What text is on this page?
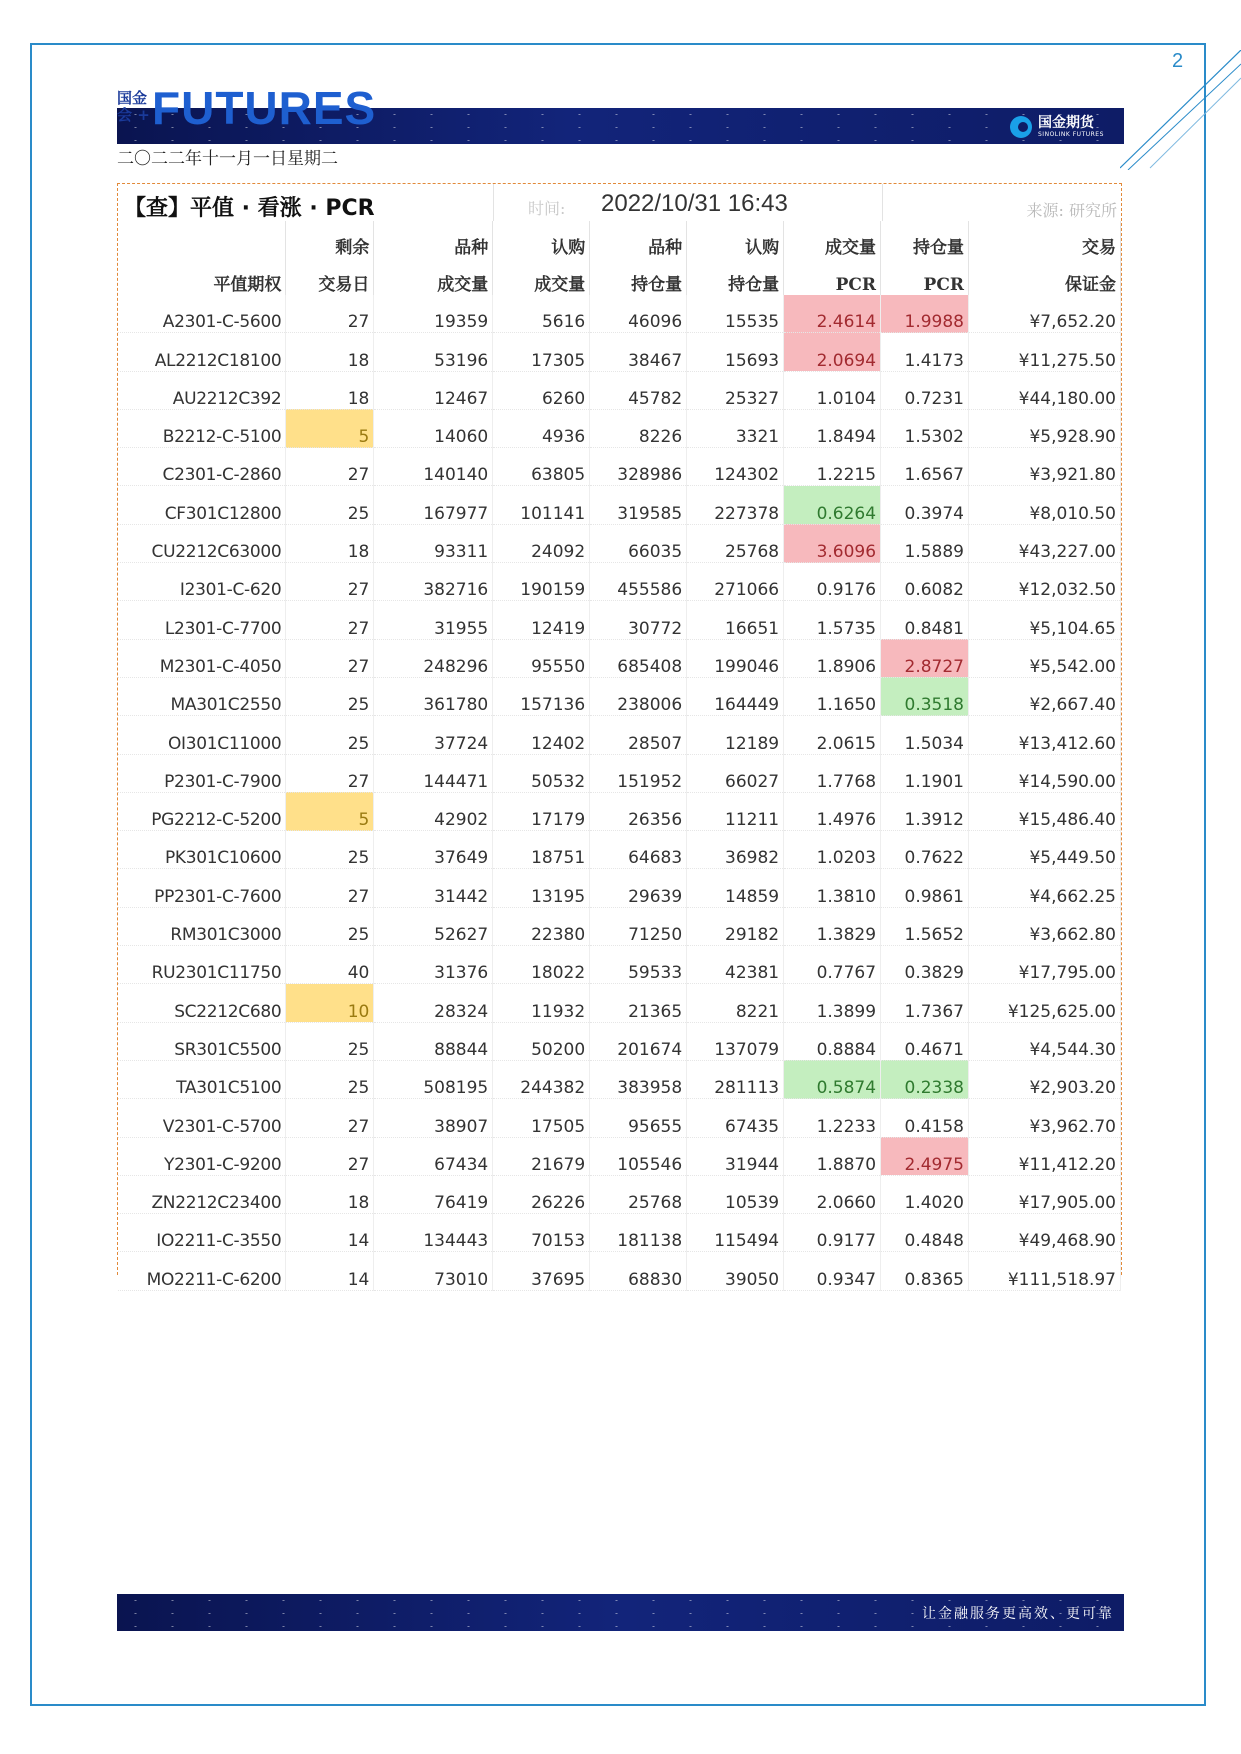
2
国金
会 + FUTURES	国金期货
SINOLINK FUTURES
二〇二二年十一月一日星期二
【查】平值 · 看涨 · PCR	时间: 2022/10/31 16:43	来源: 研究所
	剩余	品种	认购	品种	认购	成交量	持仓量	交易
平值期权	交易日	成交量	成交量	持仓量	持仓量	PCR	PCR	保证金
A2301-C-5600	27	19359	5616	46096	15535	2.4614	1.9988	¥7,652.20
AL2212C18100	18	53196	17305	38467	15693	2.0694	1.4173	¥11,275.50
AU2212C392	18	12467	6260	45782	25327	1.0104	0.7231	¥44,180.00
B2212-C-5100	5	14060	4936	8226	3321	1.8494	1.5302	¥5,928.90
C2301-C-2860	27	140140	63805	328986	124302	1.2215	1.6567	¥3,921.80
CF301C12800	25	167977	101141	319585	227378	0.6264	0.3974	¥8,010.50
CU2212C63000	18	93311	24092	66035	25768	3.6096	1.5889	¥43,227.00
I2301-C-620	27	382716	190159	455586	271066	0.9176	0.6082	¥12,032.50
L2301-C-7700	27	31955	12419	30772	16651	1.5735	0.8481	¥5,104.65
M2301-C-4050	27	248296	95550	685408	199046	1.8906	2.8727	¥5,542.00
MA301C2550	25	361780	157136	238006	164449	1.1650	0.3518	¥2,667.40
OI301C11000	25	37724	12402	28507	12189	2.0615	1.5034	¥13,412.60
P2301-C-7900	27	144471	50532	151952	66027	1.7768	1.1901	¥14,590.00
PG2212-C-5200	5	42902	17179	26356	11211	1.4976	1.3912	¥15,486.40
PK301C10600	25	37649	18751	64683	36982	1.0203	0.7622	¥5,449.50
PP2301-C-7600	27	31442	13195	29639	14859	1.3810	0.9861	¥4,662.25
RM301C3000	25	52627	22380	71250	29182	1.3829	1.5652	¥3,662.80
RU2301C11750	40	31376	18022	59533	42381	0.7767	0.3829	¥17,795.00
SC2212C680	10	28324	11932	21365	8221	1.3899	1.7367	¥125,625.00
SR301C5500	25	88844	50200	201674	137079	0.8884	0.4671	¥4,544.30
TA301C5100	25	508195	244382	383958	281113	0.5874	0.2338	¥2,903.20
V2301-C-5700	27	38907	17505	95655	67435	1.2233	0.4158	¥3,962.70
Y2301-C-9200	27	67434	21679	105546	31944	1.8870	2.4975	¥11,412.20
ZN2212C23400	18	76419	26226	25768	10539	2.0660	1.4020	¥17,905.00
IO2211-C-3550	14	134443	70153	181138	115494	0.9177	0.4848	¥49,468.90
MO2211-C-6200	14	73010	37695	68830	39050	0.9347	0.8365	¥111,518.97
让金融服务更高效、更可靠
